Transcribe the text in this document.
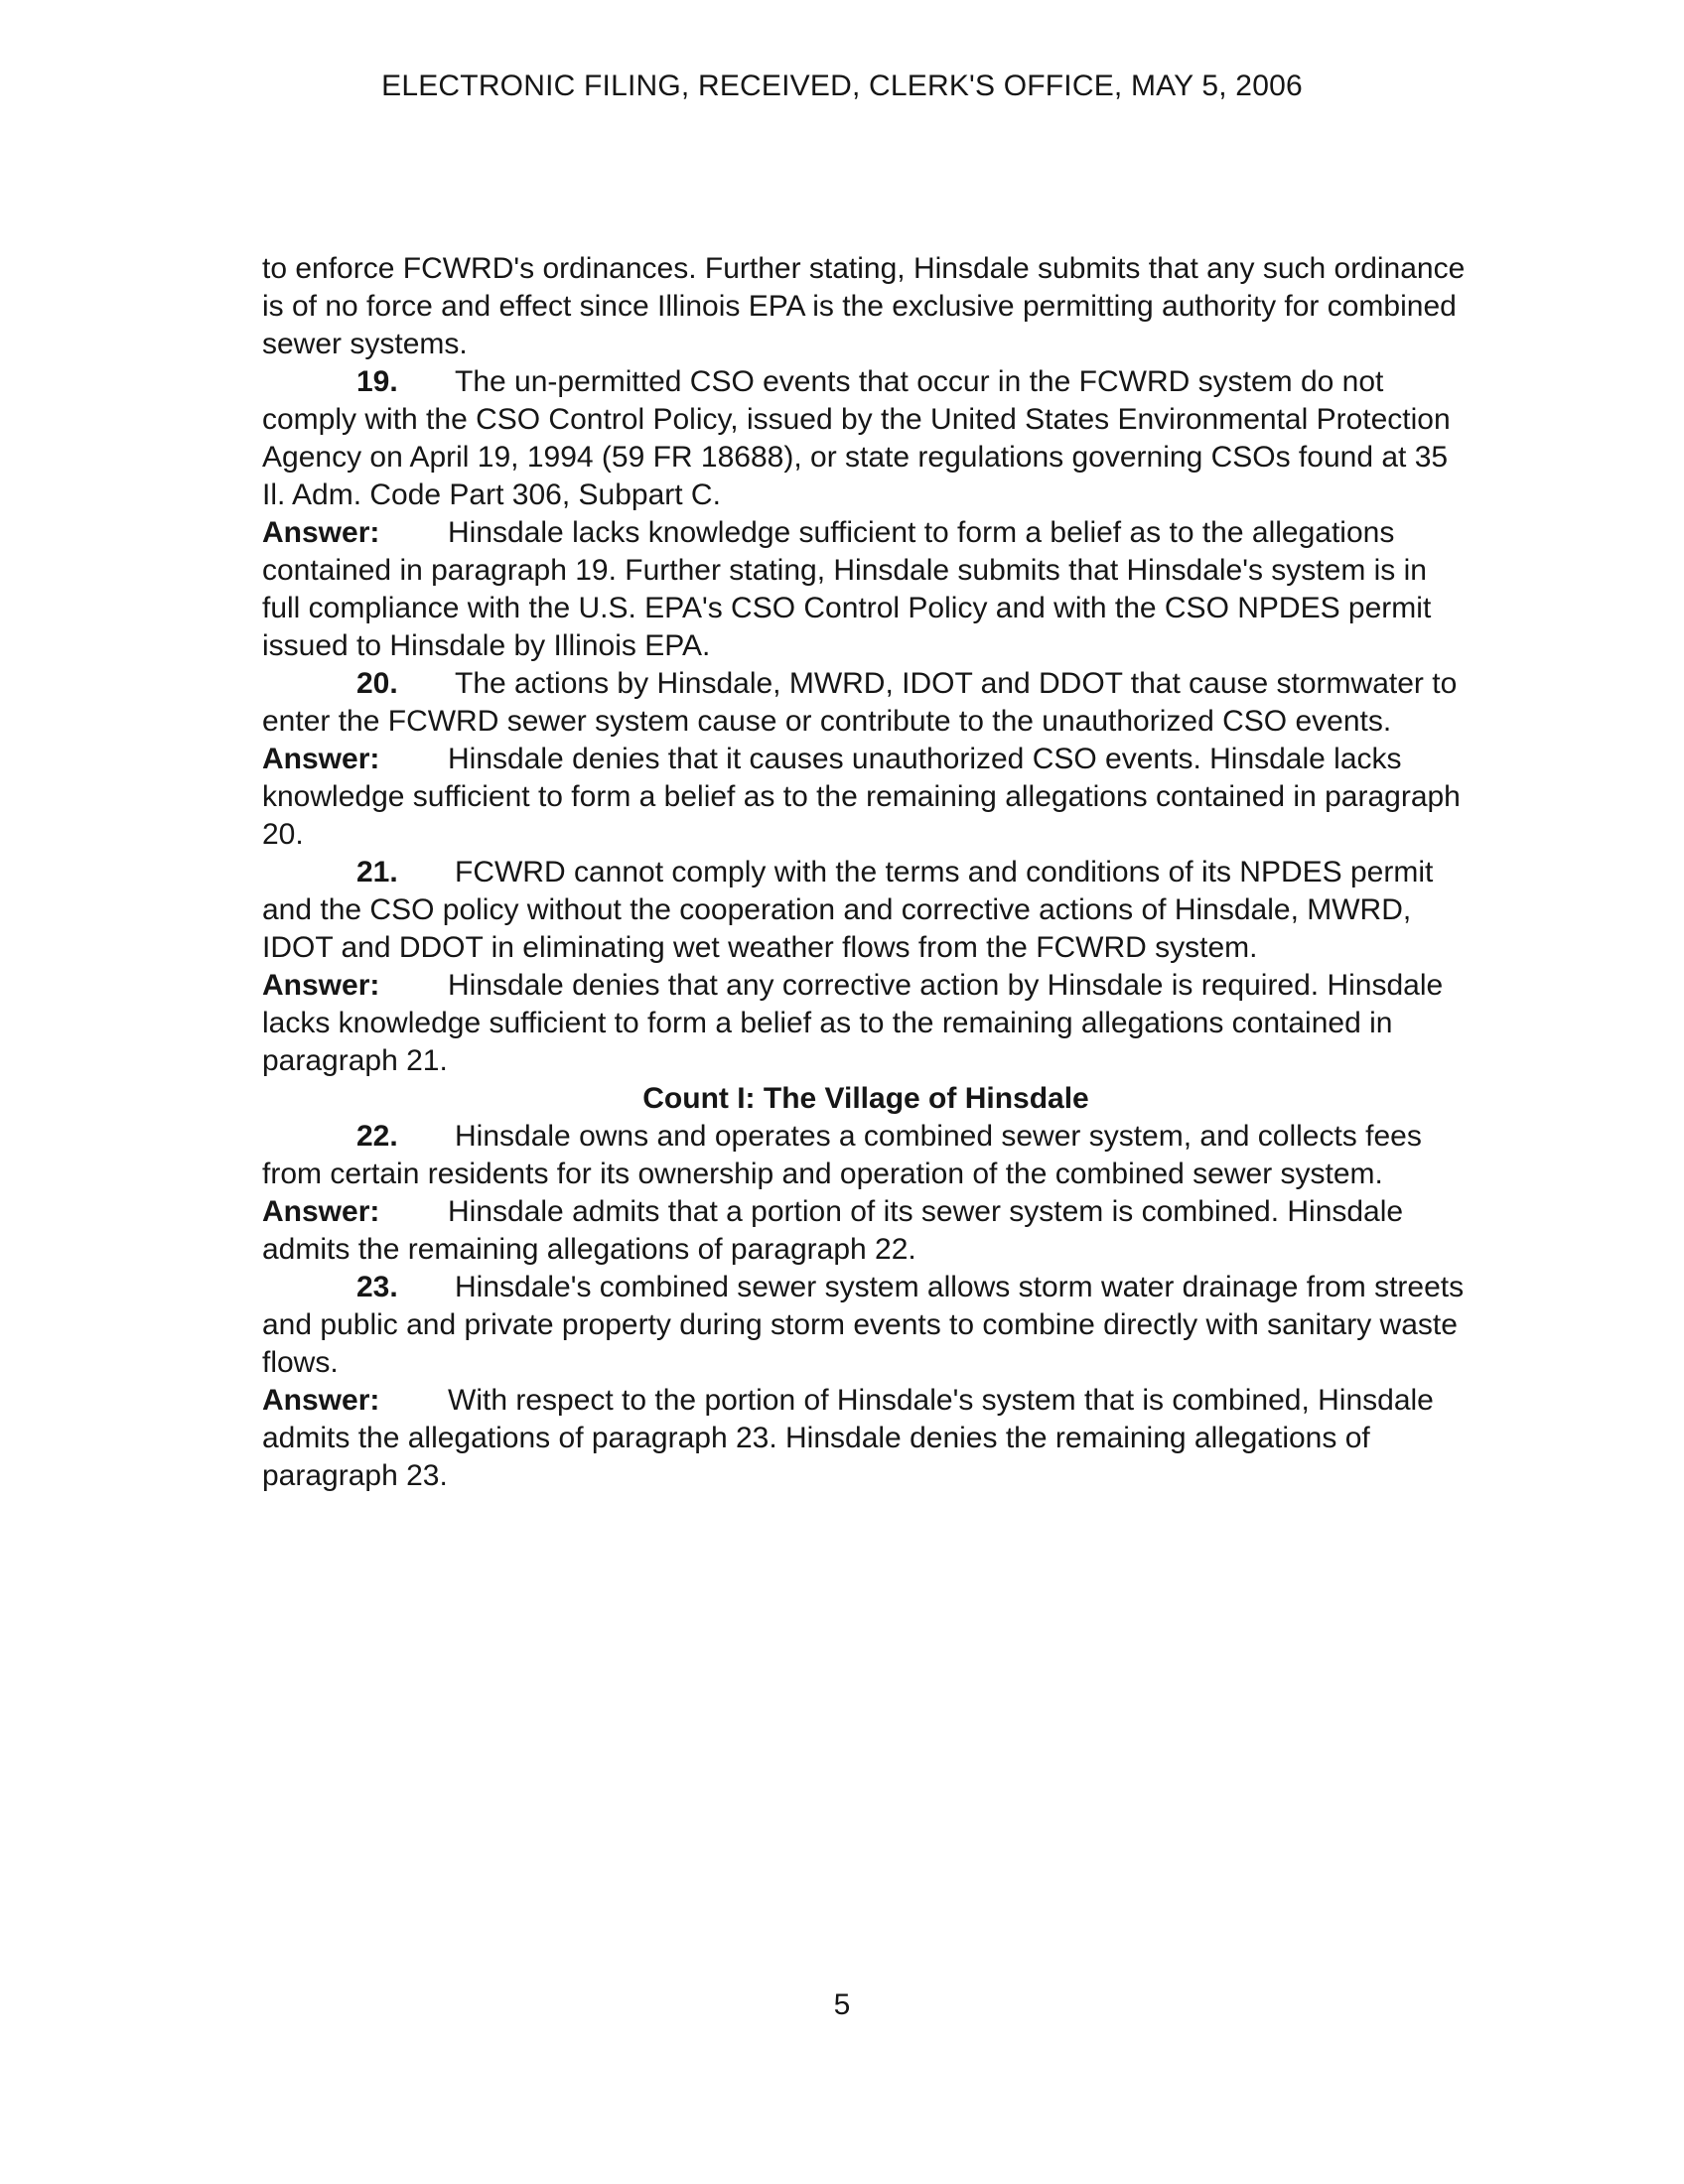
ELECTRONIC FILING, RECEIVED, CLERK'S OFFICE, MAY 5, 2006

to enforce FCWRD's ordinances. Further stating, Hinsdale submits that any such ordinance is of no force and effect since Illinois EPA is the exclusive permitting authority for combined sewer systems.

19. The un-permitted CSO events that occur in the FCWRD system do not comply with the CSO Control Policy, issued by the United States Environmental Protection Agency on April 19, 1994 (59 FR 18688), or state regulations governing CSOs found at 35 Il. Adm. Code Part 306, Subpart C.

Answer: Hinsdale lacks knowledge sufficient to form a belief as to the allegations contained in paragraph 19. Further stating, Hinsdale submits that Hinsdale's system is in full compliance with the U.S. EPA's CSO Control Policy and with the CSO NPDES permit issued to Hinsdale by Illinois EPA.

20. The actions by Hinsdale, MWRD, IDOT and DDOT that cause stormwater to enter the FCWRD sewer system cause or contribute to the unauthorized CSO events.

Answer: Hinsdale denies that it causes unauthorized CSO events. Hinsdale lacks knowledge sufficient to form a belief as to the remaining allegations contained in paragraph 20.

21. FCWRD cannot comply with the terms and conditions of its NPDES permit and the CSO policy without the cooperation and corrective actions of Hinsdale, MWRD, IDOT and DDOT in eliminating wet weather flows from the FCWRD system.

Answer: Hinsdale denies that any corrective action by Hinsdale is required. Hinsdale lacks knowledge sufficient to form a belief as to the remaining allegations contained in paragraph 21.

Count I: The Village of Hinsdale

22. Hinsdale owns and operates a combined sewer system, and collects fees from certain residents for its ownership and operation of the combined sewer system.

Answer: Hinsdale admits that a portion of its sewer system is combined. Hinsdale admits the remaining allegations of paragraph 22.

23. Hinsdale's combined sewer system allows storm water drainage from streets and public and private property during storm events to combine directly with sanitary waste flows.

Answer: With respect to the portion of Hinsdale's system that is combined, Hinsdale admits the allegations of paragraph 23. Hinsdale denies the remaining allegations of paragraph 23.

5
